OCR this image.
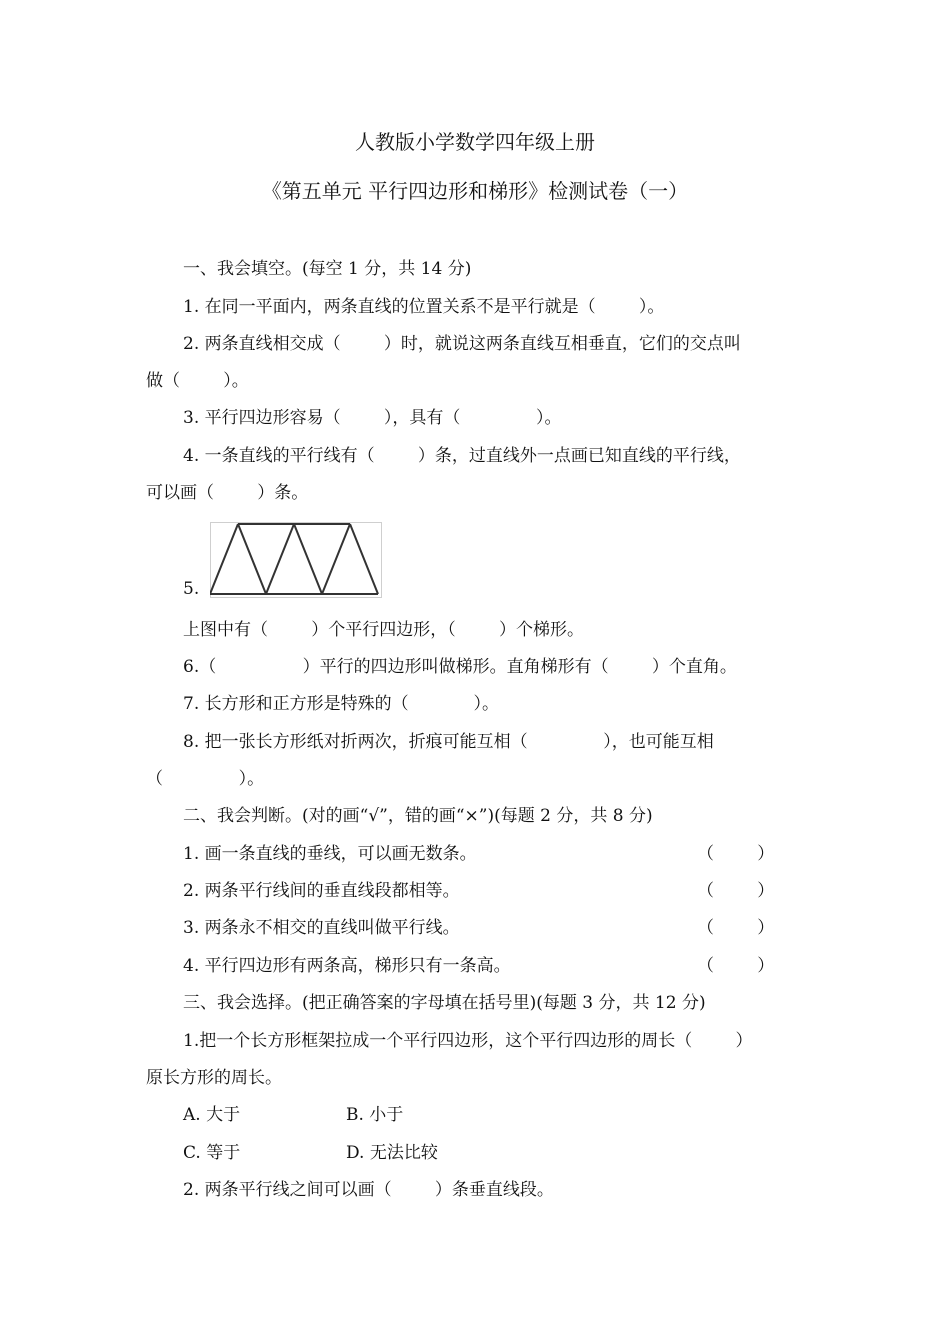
人教版小学数学四年级上册
《第五单元 平行四边形和梯形》检测试卷（一）
一、我会填空。(每空 1 分，共 14 分)
1. 在同一平面内，两条直线的位置关系不是平行就是（        ）。
2. 两条直线相交成（        ）时，就说这两条直线互相垂直，它们的交点叫
做（        ）。
3. 平行四边形容易（        ），具有（              ）。
4. 一条直线的平行线有（        ）条，过直线外一点画已知直线的平行线，
可以画（        ）条。
5.
上图中有（        ）个平行四边形，（        ）个梯形。
6.（                ）平行的四边形叫做梯形。直角梯形有（        ）个直角。
7. 长方形和正方形是特殊的（            ）。
8. 把一张长方形纸对折两次，折痕可能互相（              ），也可能互相
（              ）。
二、我会判断。(对的画“√”，错的画“×”)(每题 2 分，共 8 分)
1. 画一条直线的垂线，可以画无数条。	（        ）
2. 两条平行线间的垂直线段都相等。	（        ）
3. 两条永不相交的直线叫做平行线。	（        ）
4. 平行四边形有两条高，梯形只有一条高。	（        ）
三、我会选择。(把正确答案的字母填在括号里)(每题 3 分，共 12 分)
1.把一个长方形框架拉成一个平行四边形，这个平行四边形的周长（        ）
原长方形的周长。
A. 大于	B. 小于
C. 等于	D. 无法比较
2. 两条平行线之间可以画（        ）条垂直线段。
